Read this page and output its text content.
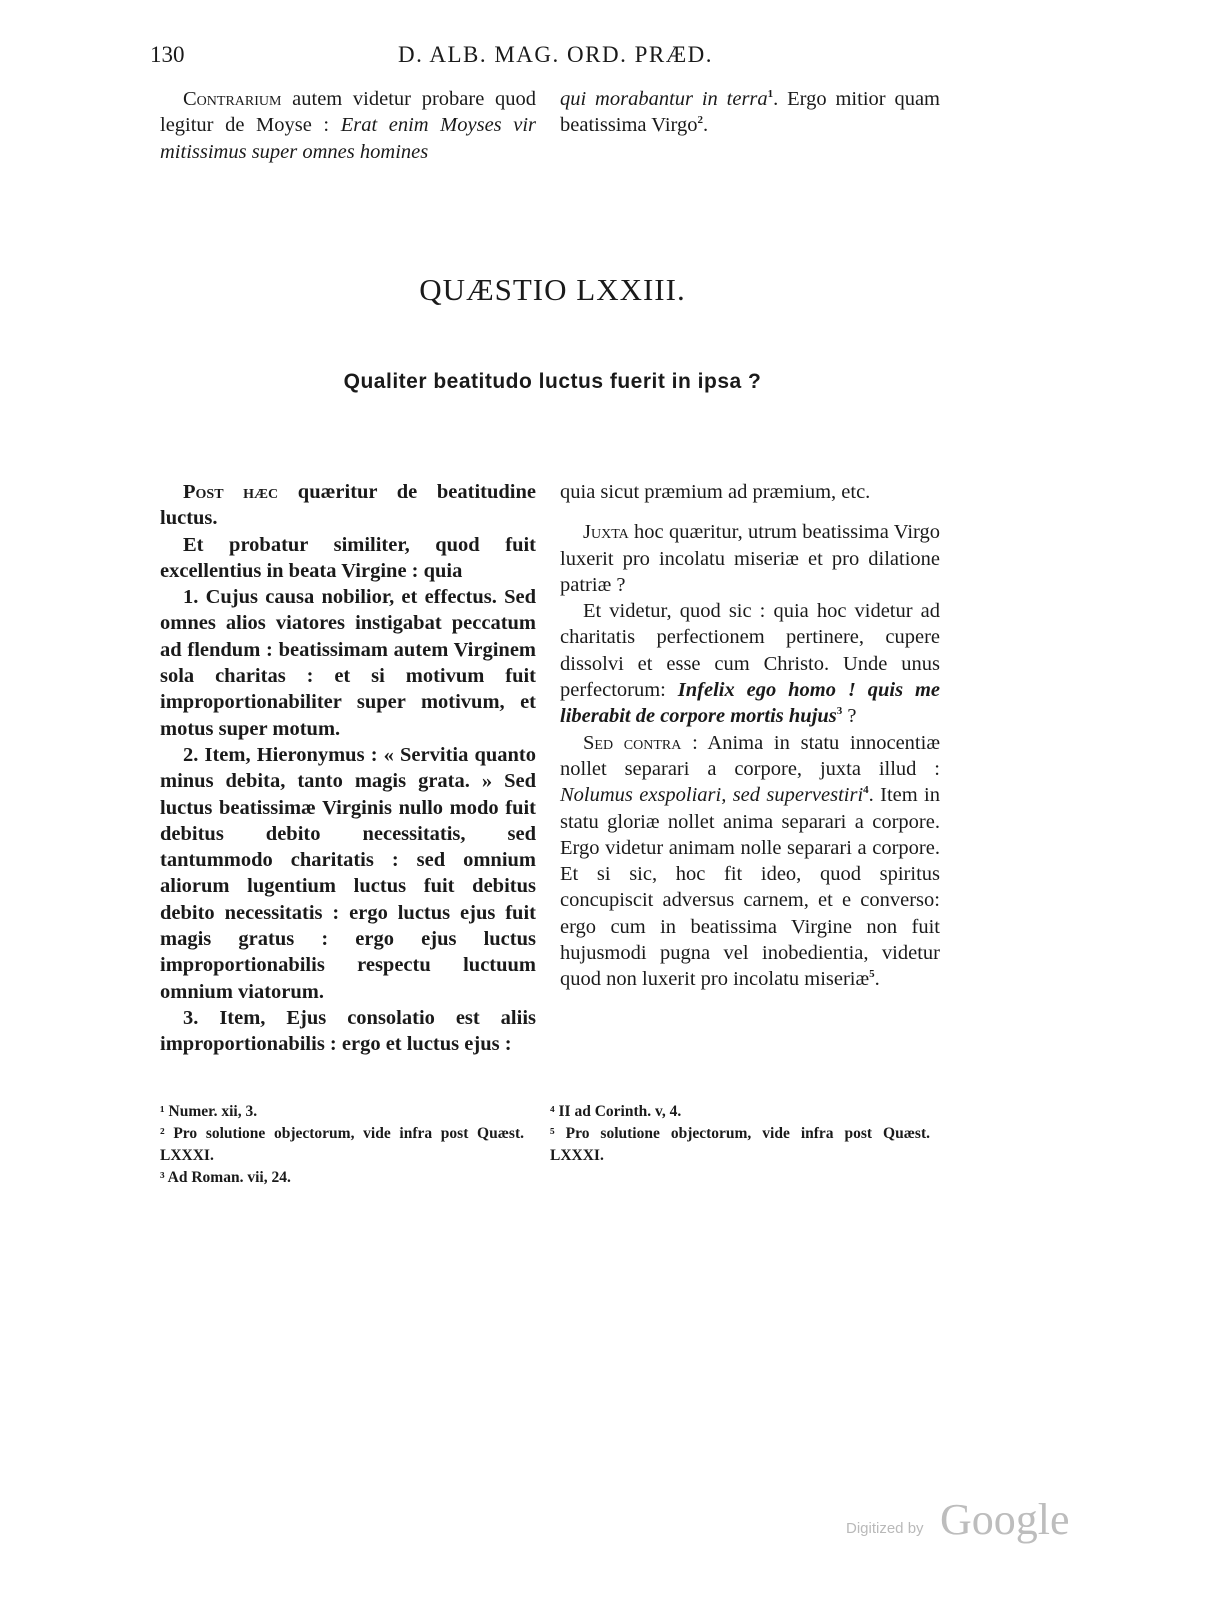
130	D. ALB. MAG. ORD. PRÆD.

Contrarium autem videtur probare quod legitur de Moyse : Erat enim Moyses vir mitissimus super omnes homines

qui morabantur in terra$^1$. Ergo mitior quam beatissima Virgo$^2$.

QUÆSTIO LXXIII.
Qualiter beatitudo luctus fuerit in ipsa ?

Post hæc quæritur de beatitudine luctus.

Et probatur similiter, quod fuit excellentius in beata Virgine : quia

1. Cujus causa nobilior, et effectus. Sed omnes alios viatores instigabat peccatum ad flendum : beatissimam autem Virginem sola charitas : et si motivum fuit improportionabiliter super motivum, et motus super motum.

2. Item, Hieronymus : « Servitia quanto minus debita, tanto magis grata. » Sed luctus beatissimæ Virginis nullo modo fuit debitus debito necessitatis, sed tantummodo charitatis : sed omnium aliorum lugentium luctus fuit debitus debito necessitatis : ergo luctus ejus fuit magis gratus : ergo ejus luctus improportionabilis respectu luctuum omnium viatorum.

3. Item, Ejus consolatio est aliis improportionabilis : ergo et luctus ejus :

quia sicut præmium ad præmium, etc.

Juxta hoc quæritur, utrum beatissima Virgo luxerit pro incolatu miseriæ et pro dilatione patriæ ?

Et videtur, quod sic : quia hoc videtur ad charitatis perfectionem pertinere, cupere dissolvi et esse cum Christo. Unde unus perfectorum: Infelix ego homo ! quis me liberabit de corpore mortis hujus$^3$ ?

Sed contra : Anima in statu innocentiæ nollet separari a corpore, juxta illud : Nolumus exspoliari, sed supervestiri$^4$. Item in statu gloriæ nollet anima separari a corpore. Ergo videtur animam nolle separari a corpore. Et si sic, hoc fit ideo, quod spiritus concupiscit adversus carnem, et e converso: ergo cum in beatissima Virgine non fuit hujusmodi pugna vel inobedientia, videtur quod non luxerit pro incolatu miseriæ$^5$.

¹ Numer. xii, 3.

² Pro solutione objectorum, vide infra post Quæst. LXXXI.

³ Ad Roman. vii, 24.

⁴ II ad Corinth. v, 4.

⁵ Pro solutione objectorum, vide infra post Quæst. LXXXI.

Digitized by Google
